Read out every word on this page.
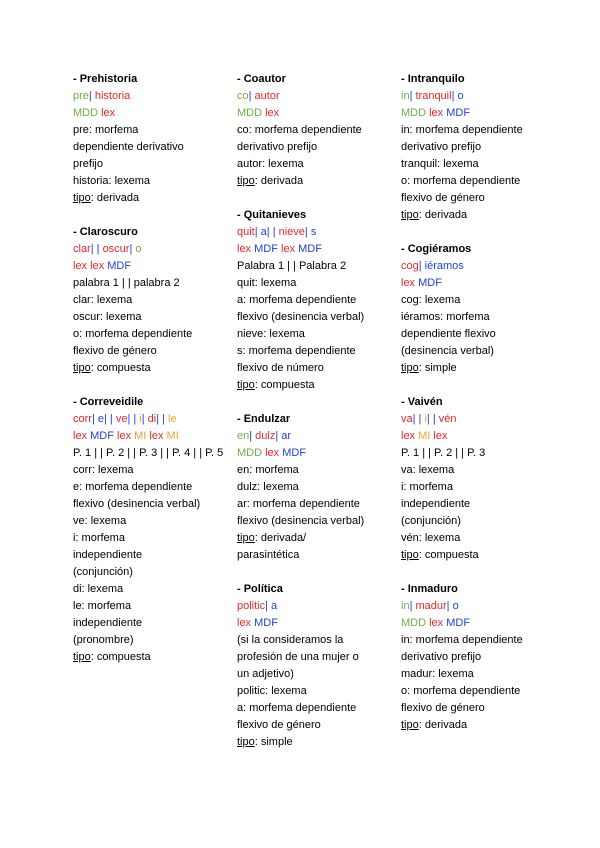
- Prehistoria
pre| historia
MDD lex
pre: morfema
dependiente derivativo
prefijo
historia: lexema
tipo: derivada
- Claroscuro
clar| | oscur| o
lex lex MDF
palabra 1 | | palabra 2
clar: lexema
oscur: lexema
o: morfema dependiente
flexivo de género
tipo: compuesta
- Correveidile
corr| e| | ve| | i| di| | le
lex MDF lex MI lex MI
P. 1 | | P. 2 | | P. 3 | | P. 4 | | P. 5
corr: lexema
e: morfema dependiente
flexivo (desinencia verbal)
ve: lexema
i: morfema
independiente
(conjunción)
di: lexema
le: morfema
independiente
(pronombre)
tipo: compuesta
- Coautor
co| autor
MDD lex
co: morfema dependiente
derivativo prefijo
autor: lexema
tipo: derivada
- Quitanieves
quit| a| | nieve| s
lex MDF lex MDF
Palabra 1 | | Palabra 2
quit: lexema
a: morfema dependiente
flexivo (desinencia verbal)
nieve: lexema
s: morfema dependiente
flexivo de número
tipo: compuesta
- Endulzar
en| dulz| ar
MDD lex MDF
en: morfema
dulz: lexema
ar: morfema dependiente
flexivo (desinencia verbal)
tipo: derivada/
parasintética
- Política
politic| a
lex MDF
(si la consideramos la
profesión de una mujer o
un adjetivo)
politic: lexema
a: morfema dependiente
flexivo de género
tipo: simple
- Intranquilo
in| tranquil| o
MDD lex MDF
in: morfema dependiente
derivativo prefijo
tranquil: lexema
o: morfema dependiente
flexivo de género
tipo: derivada
- Cogiéramos
cog| iéramos
lex MDF
cog: lexema
iéramos: morfema
dependiente flexivo
(desinencia verbal)
tipo: simple
- Vaivén
va| | i| | vén
lex MI lex
P. 1 | | P. 2 | | P. 3
va: lexema
i: morfema
independiente
(conjunción)
vén: lexema
tipo: compuesta
- Inmaduro
in| madur| o
MDD lex MDF
in: morfema dependiente
derivativo prefijo
madur: lexema
o: morfema dependiente
flexivo de género
tipo: derivada
